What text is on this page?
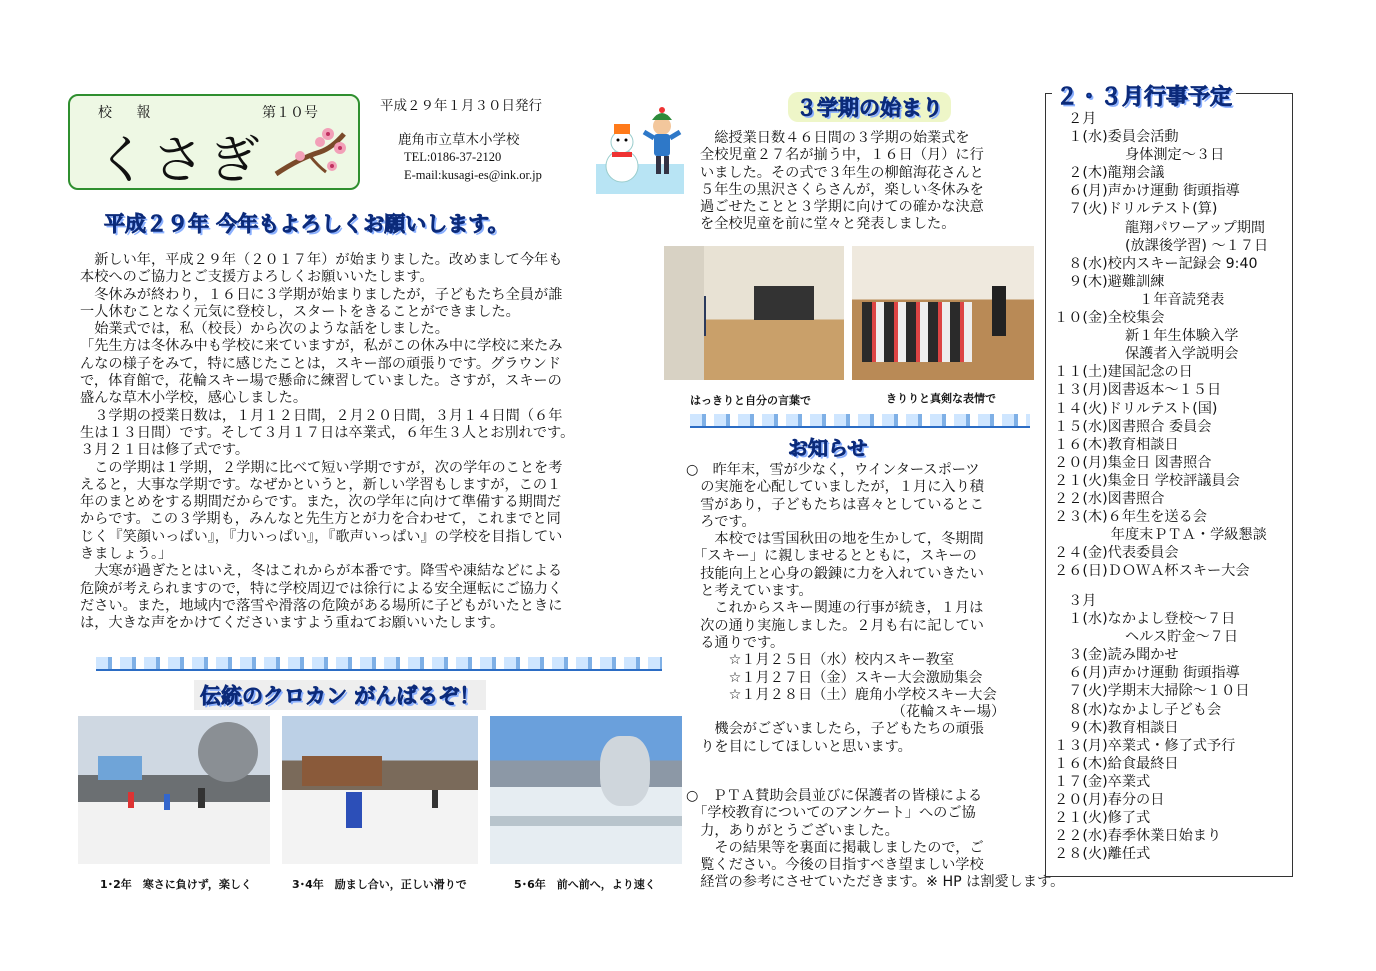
校 報	第１０号
くさぎ
平成２９年１月３０日発行
鹿角市立草木小学校
TEL:0186-37-2120
E-mail:kusagi-es@ink.or.jp
平成２９年 今年もよろしくお願いします。

　新しい年，平成２９年（２０１７年）が始まりました。改めまして今年も

本校へのご協力とご支援方よろしくお願いいたします。

　冬休みが終わり，１６日に３学期が始まりましたが，子どもたち全員が誰

一人休むことなく元気に登校し，スタートをきることができました。

　始業式では，私（校長）から次のような話をしました。

「先生方は冬休み中も学校に来ていますが，私がこの休み中に学校に来たみ

んなの様子をみて，特に感じたことは，スキー部の頑張りです。グラウンド

で，体育館で，花輪スキー場で懸命に練習していました。さすが，スキーの

盛んな草木小学校，感心しました。

　３学期の授業日数は，１月１２日間，２月２０日間，３月１４日間（６年

生は１３日間）です。そして３月１７日は卒業式，６年生３人とお別れです。

３月２１日は修了式です。

　この学期は１学期，２学期に比べて短い学期ですが，次の学年のことを考

えると，大事な学期です。なぜかというと，新しい学習もしますが，この１

年のまとめをする期間だからです。また，次の学年に向けて準備する期間だ

からです。この３学期も，みんなと先生方とが力を合わせて，これまでと同

じく『笑顔いっぱい』，『力いっぱい』，『歌声いっぱい』の学校を目指してい

きましょう。」

　大寒が過ぎたとはいえ，冬はこれからが本番です。降雪や凍結などによる

危険が考えられますので，特に学校周辺では徐行による安全運転にご協力く

ださい。また，地域内で落雪や滑落の危険がある場所に子どもがいたときに

は，大きな声をかけてくださいますよう重ねてお願いいたします。

伝統のクロカン がんばるぞ！
1･2年　寒さに負けず，楽しく	3･4年　励まし合い，正しい滑りで	5･6年　前へ前へ，より速く
３学期の始まり

　総授業日数４６日間の３学期の始業式を

全校児童２７名が揃う中，１６日（月）に行

いました。その式で３年生の柳館海花さんと

５年生の黒沢さくらさんが，楽しい冬休みを

過ごせたことと３学期に向けての確かな決意

を全校児童を前に堂々と発表しました。

はっきりと自分の言葉で	きりりと真剣な表情で
お知らせ

○　昨年末，雪が少なく，ウインタースポーツ

　の実施を心配していましたが，１月に入り積

　雪があり，子どもたちは喜々としているとこ

　ろです。

　　本校では雪国秋田の地を生かして，冬期間

　「スキー」に親しませるとともに，スキーの

　技能向上と心身の鍛錬に力を入れていきたい

　と考えています。

　　これからスキー関連の行事が続き，１月は

　次の通り実施しました。２月も右に記してい

　る通りです。

　　　☆１月２５日（水）校内スキー教室

　　　☆１月２７日（金）スキー大会激励集会

　　　☆１月２８日（土）鹿角小学校スキー大会

　　　　　　　　　　　　　　　（花輪スキー場）

　　機会がございましたら，子どもたちの頑張

　りを目にしてほしいと思います。

○　ＰＴＡ賛助会員並びに保護者の皆様による

　「学校教育についてのアンケート」へのご協

　力，ありがとうございました。

　　その結果等を裏面に掲載しましたので，ご

　覧ください。今後の目指すべき望ましい学校

　経営の参考にさせていただきます。※ HP は割愛します。

２・３月行事予定
２月
　１(水)委員会活動
　　　　　身体測定～３日
　２(木)龍翔会議
　６(月)声かけ運動 街頭指導
　７(火)ドリルテスト(算)
　　　　　龍翔パワーアップ期間
　　　　　(放課後学習) ～１７日
　８(水)校内スキー記録会 9:40
　９(木)避難訓練
　　　　　　１年音読発表
１０(金)全校集会
　　　　　新１年生体験入学
　　　　　保護者入学説明会
１１(土)建国記念の日
１３(月)図書返本～１５日
１４(火)ドリルテスト(国)
１５(水)図書照合 委員会
１６(木)教育相談日
２０(月)集金日 図書照合
２１(火)集金日 学校評議員会
２２(水)図書照合
２３(木)６年生を送る会
　　　　年度末ＰＴＡ・学級懇談
２４(金)代表委員会
２６(日)ＤＯＷＡ杯スキー大会
３月
　１(水)なかよし登校～７日
　　　　　ヘルス貯金～７日
　３(金)読み聞かせ
　６(月)声かけ運動 街頭指導
　７(火)学期末大掃除～１０日
　８(水)なかよし子ども会
　９(木)教育相談日
１３(月)卒業式・修了式予行
１６(木)給食最終日
１７(金)卒業式
２０(月)春分の日
２１(火)修了式
２２(水)春季休業日始まり
２８(火)離任式
